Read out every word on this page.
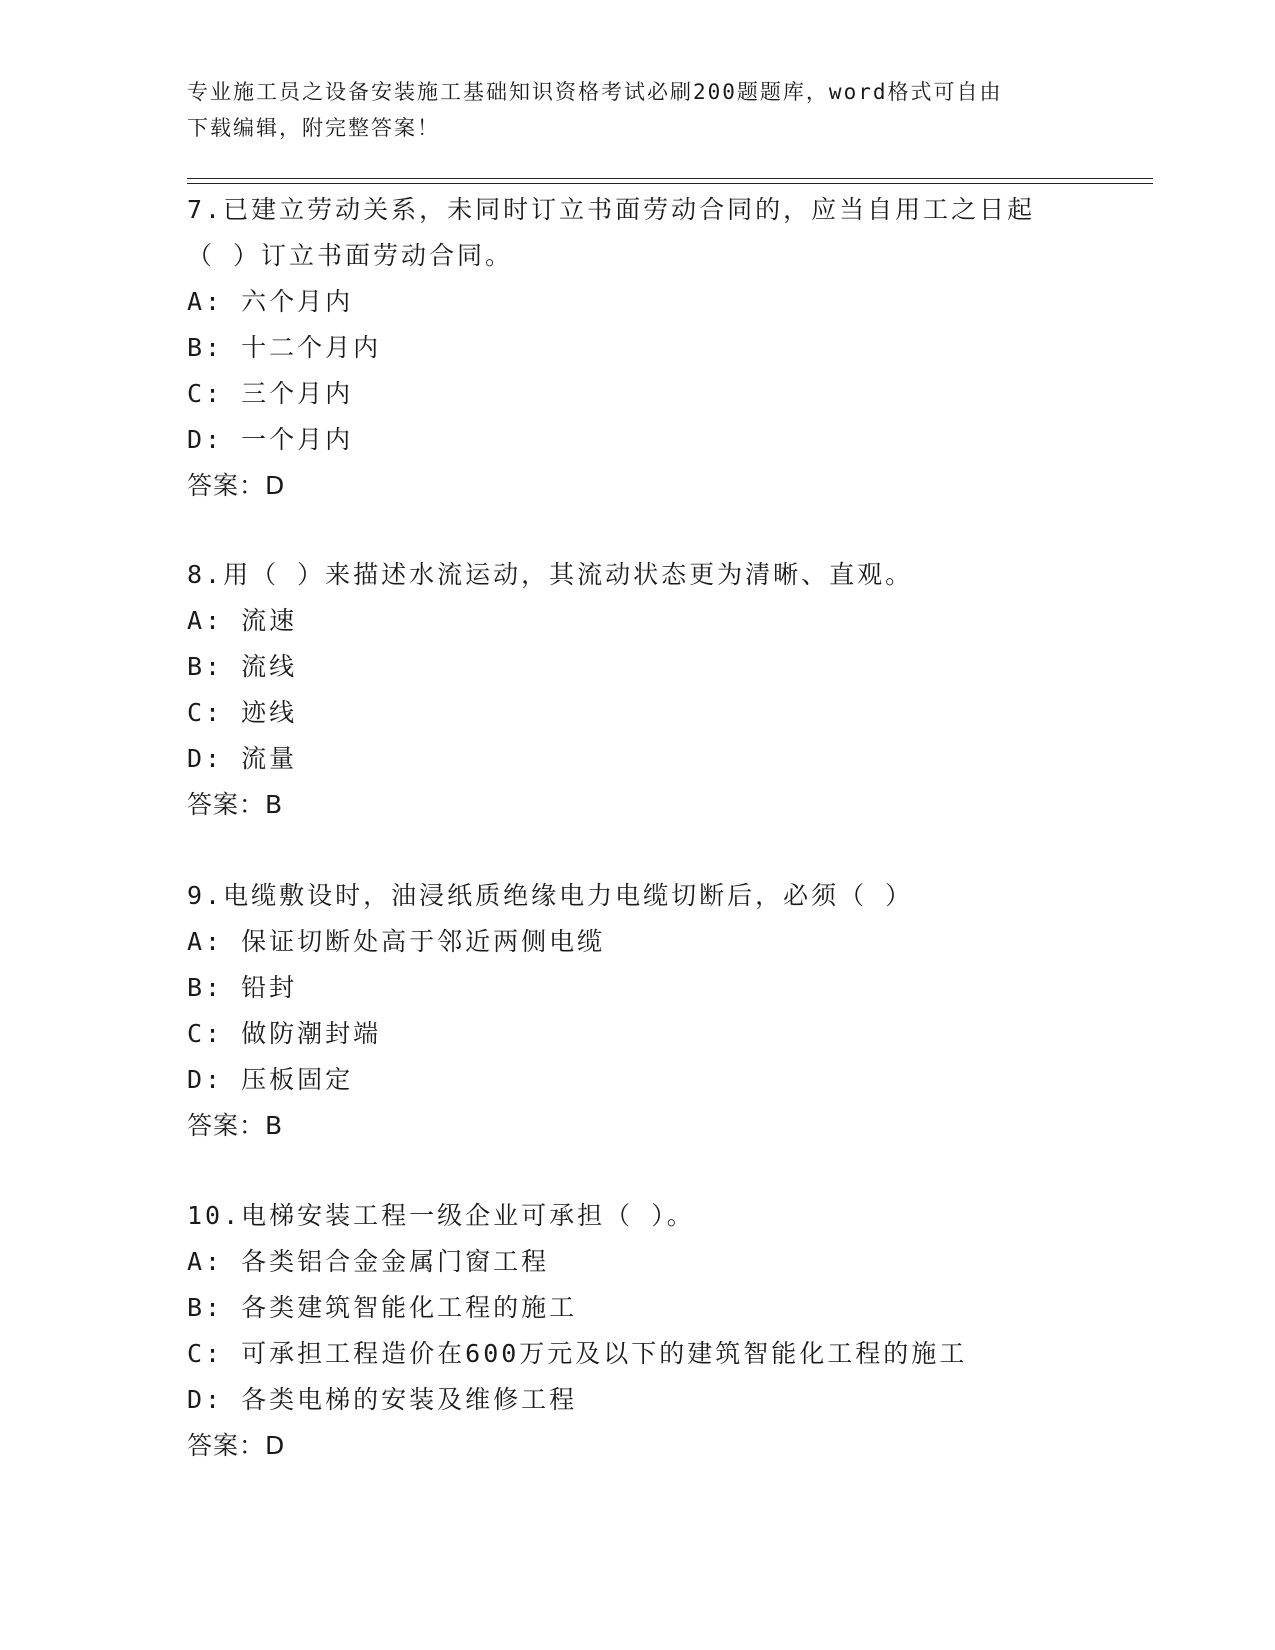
专业施工员之设备安装施工基础知识资格考试必刷200题题库，word格式可自由
下载编辑，附完整答案！
7.已建立劳动关系，未同时订立书面劳动合同的，应当自用工之日起
（ ）订立书面劳动合同。
A: 六个月内
B: 十二个月内
C: 三个月内
D: 一个月内
答案：D
8.用（ ）来描述水流运动，其流动状态更为清晰、直观。
A: 流速
B: 流线
C: 迹线
D: 流量
答案：B
9.电缆敷设时，油浸纸质绝缘电力电缆切断后，必须（ ）
A: 保证切断处高于邻近两侧电缆
B: 铅封
C: 做防潮封端
D: 压板固定
答案：B
10.电梯安装工程一级企业可承担（ ）。
A: 各类铝合金金属门窗工程
B: 各类建筑智能化工程的施工
C: 可承担工程造价在600万元及以下的建筑智能化工程的施工
D: 各类电梯的安装及维修工程
答案：D
